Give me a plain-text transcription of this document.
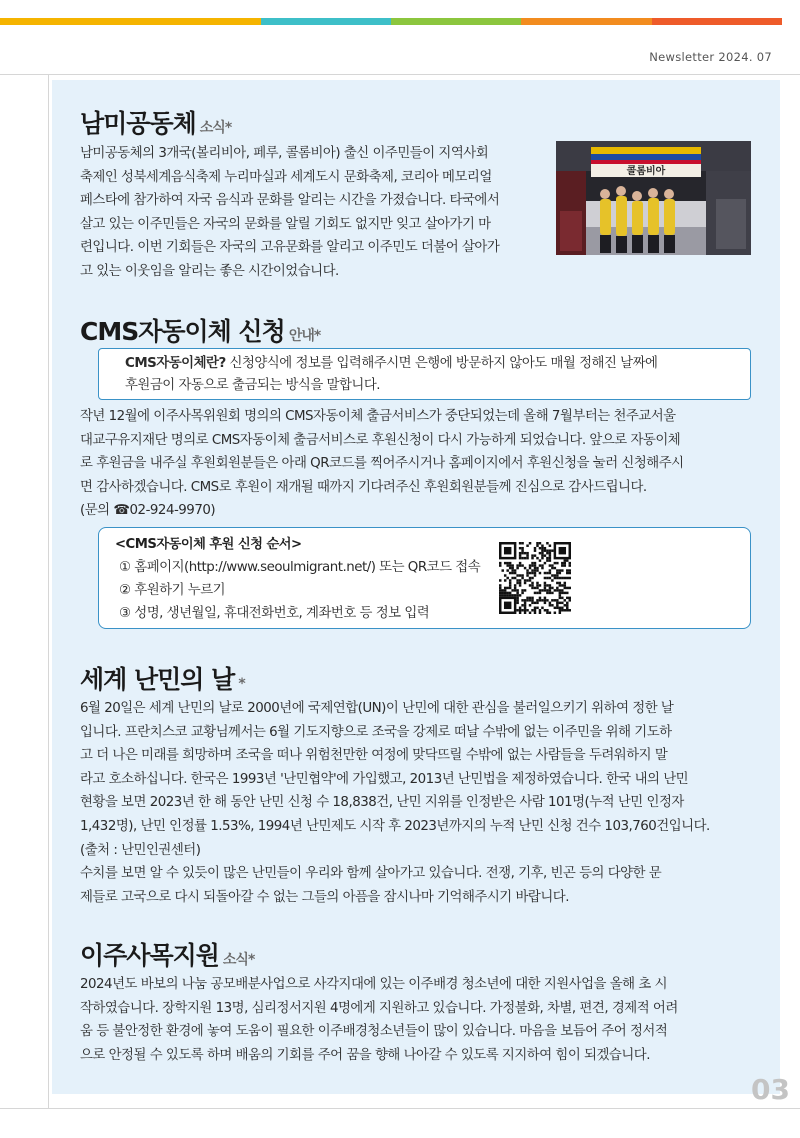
Newsletter 2024. 07
남미공동체 소식*
남미공동체의 3개국(볼리비아, 페루, 콜롬비아) 출신 이주민들이 지역사회
축제인 성북세계음식축제 누리마실과 세계도시 문화축제, 코리아 메모리얼
페스타에 참가하여 자국 음식과 문화를 알리는 시간을 가졌습니다. 타국에서
살고 있는 이주민들은 자국의 문화를 알릴 기회도 없지만 잊고 살아가기 마
련입니다. 이번 기회들은 자국의 고유문화를 알리고 이주민도 더불어 살아가
고 있는 이웃임을 알리는 좋은 시간이었습니다.
콜롬비아
CMS자동이체 신청 안내*
CMS자동이체란? 신청양식에 정보를 입력해주시면 은행에 방문하지 않아도 매월 정해진 날짜에
후원금이 자동으로 출금되는 방식을 말합니다.
작년 12월에 이주사목위원회 명의의 CMS자동이체 출금서비스가 중단되었는데 올해 7월부터는 천주교서울
대교구유지재단 명의로 CMS자동이체 출금서비스로 후원신청이 다시 가능하게 되었습니다. 앞으로 자동이체
로 후원금을 내주실 후원회원분들은 아래 QR코드를 찍어주시거나 홈페이지에서 후원신청을 눌러 신청해주시
면 감사하겠습니다. CMS로 후원이 재개될 때까지 기다려주신 후원회원분들께 진심으로 감사드립니다.
(문의 ☎02-924-9970)
<CMS자동이체 후원 신청 순서>
① 홈페이지(http://www.seoulmigrant.net/) 또는 QR코드 접속
② 후원하기 누르기
③ 성명, 생년월일, 휴대전화번호, 계좌번호 등 정보 입력
세계 난민의 날 *
6월 20일은 세계 난민의 날로 2000년에 국제연합(UN)이 난민에 대한 관심을 불러일으키기 위하여 정한 날
입니다. 프란치스코 교황님께서는 6월 기도지향으로 조국을 강제로 떠날 수밖에 없는 이주민을 위해 기도하
고 더 나은 미래를 희망하며 조국을 떠나 위험천만한 여정에 맞닥뜨릴 수밖에 없는 사람들을 두려워하지 말
라고 호소하십니다. 한국은 1993년 '난민협약'에 가입했고, 2013년 난민법을 제정하였습니다. 한국 내의 난민
현황을 보면 2023년 한 해 동안 난민 신청 수 18,838건, 난민 지위를 인정받은 사람 101명(누적 난민 인정자
1,432명), 난민 인정률 1.53%, 1994년 난민제도 시작 후 2023년까지의 누적 난민 신청 건수 103,760건입니다.
(출처 : 난민인권센터)
수치를 보면 알 수 있듯이 많은 난민들이 우리와 함께 살아가고 있습니다. 전쟁, 기후, 빈곤 등의 다양한 문
제들로 고국으로 다시 되돌아갈 수 없는 그들의 아픔을 잠시나마 기억해주시기 바랍니다.
이주사목지원 소식*
2024년도 바보의 나눔 공모배분사업으로 사각지대에 있는 이주배경 청소년에 대한 지원사업을 올해 초 시
작하였습니다. 장학지원 13명, 심리정서지원 4명에게 지원하고 있습니다. 가정불화, 차별, 편견, 경제적 어려
움 등 불안정한 환경에 놓여 도움이 필요한 이주배경청소년들이 많이 있습니다. 마음을 보듬어 주어 정서적
으로 안정될 수 있도록 하며 배움의 기회를 주어 꿈을 향해 나아갈 수 있도록 지지하여 힘이 되겠습니다.
03
